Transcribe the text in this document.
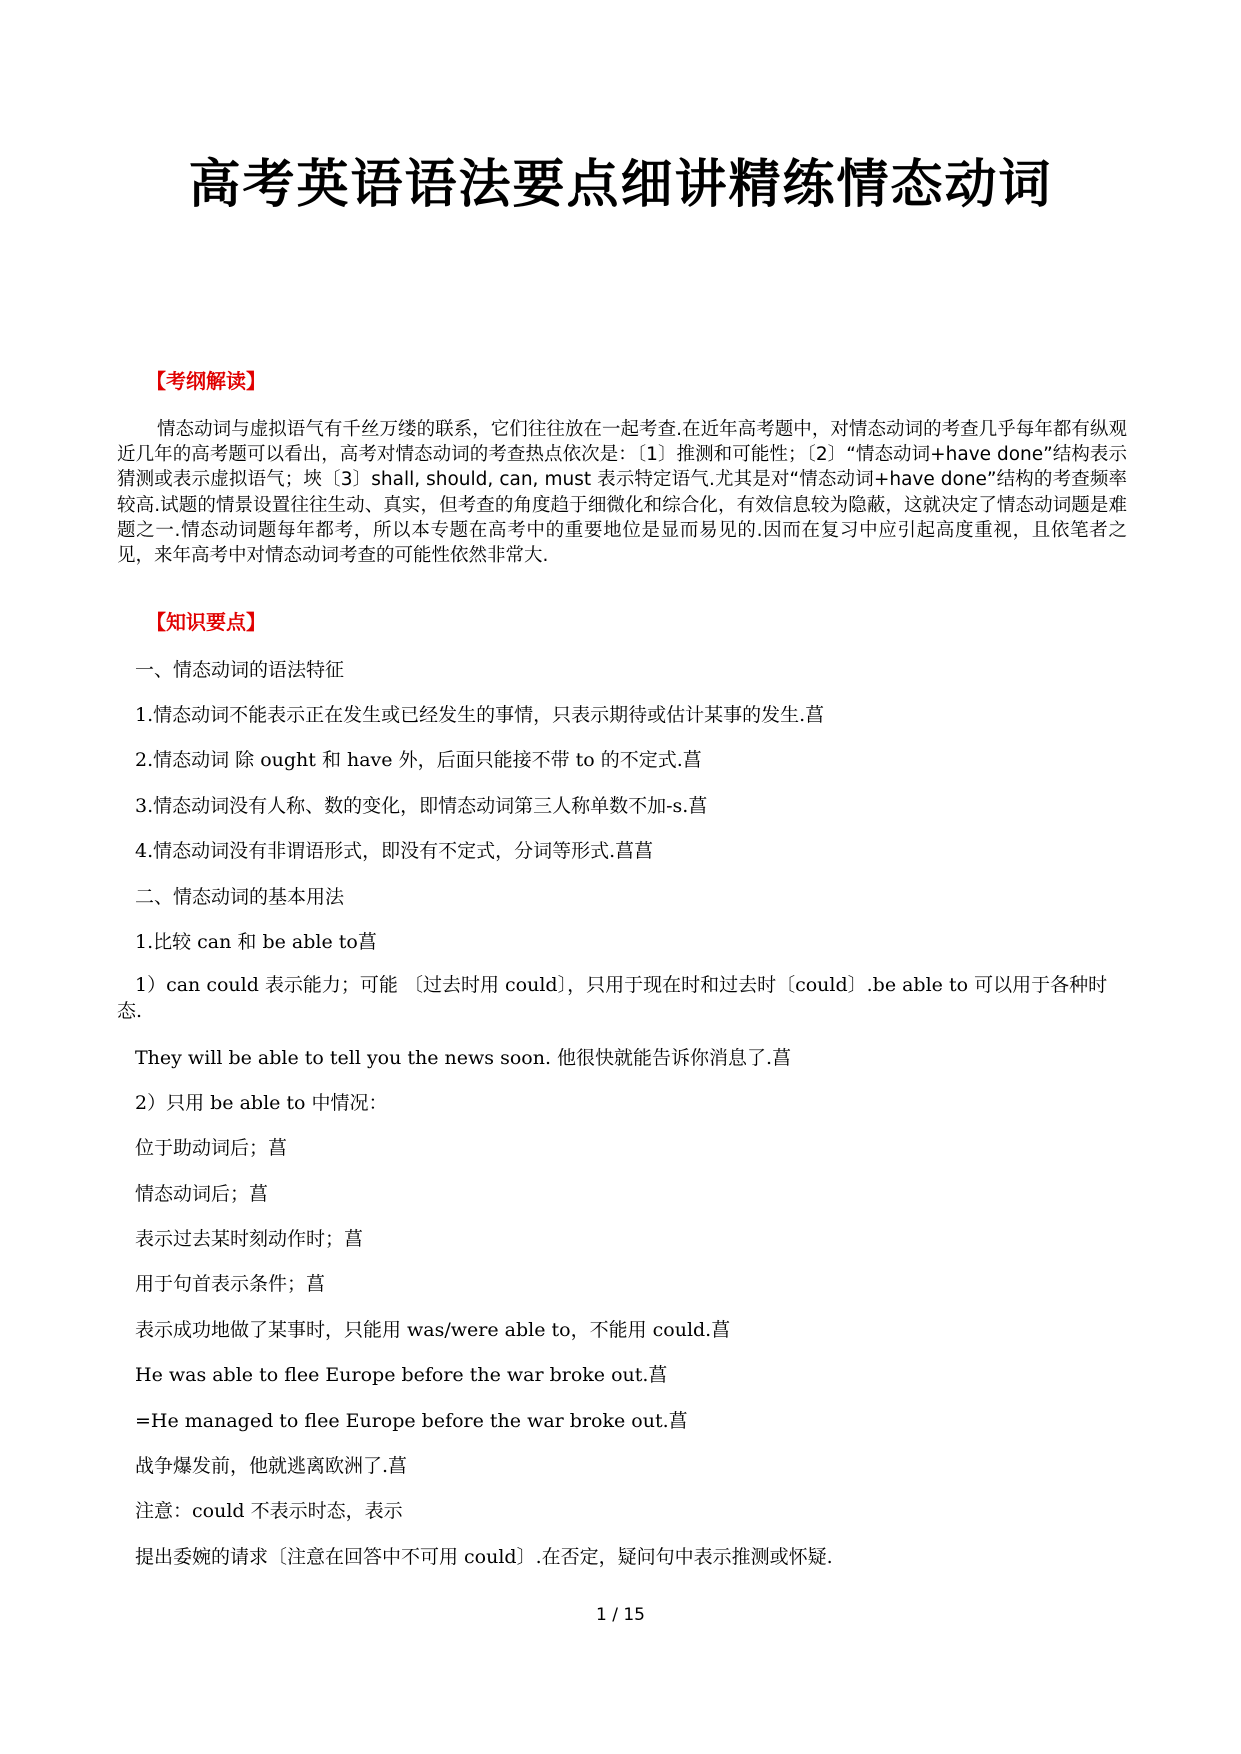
高考英语语法要点细讲精练情态动词
【考纲解读】

情态动词与虚拟语气有千丝万缕的联系，它们往往放在一起考查.在近年高考题中，对情态动词的考查几乎每年都有纵观近几年的高考题可以看出，高考对情态动词的考查热点依次是：〔1〕推测和可能性；〔2〕“情态动词+have done”结构表示猜测或表示虚拟语气；埉〔3〕shall, should, can, must 表示特定语气.尤其是对“情态动词+have done”结构的考查频率较高.试题的情景设置往往生动、真实，但考查的角度趋于细微化和综合化，有效信息较为隐蔽，这就决定了情态动词题是难题之一.情态动词题每年都考，所以本专题在高考中的重要地位是显而易见的.因而在复习中应引起高度重视，且依笔者之见，来年高考中对情态动词考查的可能性依然非常大.

【知识要点】
一、情态动词的语法特征
1.情态动词不能表示正在发生或已经发生的事情，只表示期待或估计某事的发生.菖
2.情态动词 除 ought 和 have 外，后面只能接不带 to 的不定式.菖
3.情态动词没有人称、数的变化，即情态动词第三人称单数不加-s.菖
4.情态动词没有非谓语形式，即没有不定式，分词等形式.菖菖
二、情态动词的基本用法
1.比较 can 和 be able to菖

1）can could 表示能力；可能 〔过去时用 could〕，只用于现在时和过去时〔could〕.be able to 可以用于各种时态.

They will be able to tell you the news soon. 他很快就能告诉你消息了.菖
2）只用 be able to 中情况：
位于助动词后；菖
情态动词后；菖
表示过去某时刻动作时；菖
用于句首表示条件；菖
表示成功地做了某事时，只能用 was/were able to，不能用 could.菖
He was able to flee Europe before the war broke out.菖
=He managed to flee Europe before the war broke out.菖
战争爆发前，他就逃离欧洲了.菖
注意：could 不表示时态，表示
提出委婉的请求〔注意在回答中不可用 could〕.在否定，疑问句中表示推测或怀疑.
1 / 15
